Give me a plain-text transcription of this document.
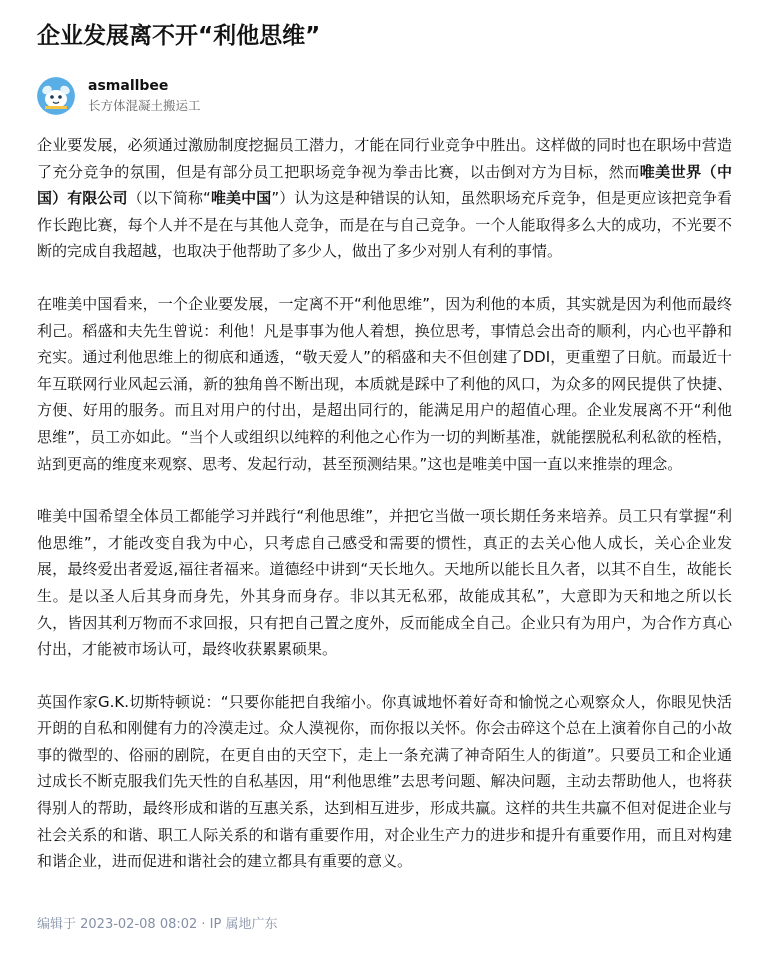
企业发展离不开“利他思维”
asmallbee
长方体混凝土搬运工

企业要发展，必须通过激励制度挖掘员工潜力，才能在同行业竞争中胜出。这样做的同时也在职场中营造了充分竞争的氛围，但是有部分员工把职场竞争视为拳击比赛，以击倒对方为目标，然而唯美世界（中国）有限公司（以下简称“唯美中国”）认为这是种错误的认知，虽然职场充斥竞争，但是更应该把竞争看作长跑比赛，每个人并不是在与其他人竞争，而是在与自己竞争。一个人能取得多么大的成功，不光要不断的完成自我超越，也取决于他帮助了多少人，做出了多少对别人有利的事情。

在唯美中国看来，一个企业要发展，一定离不开“利他思维”，因为利他的本质，其实就是因为利他而最终利己。稻盛和夫先生曾说：利他！凡是事事为他人着想，换位思考，事情总会出奇的顺利，内心也平静和充实。通过利他思维上的彻底和通透，“敬天爱人”的稻盛和夫不但创建了DDI，更重塑了日航。而最近十年互联网行业风起云涌，新的独角兽不断出现，本质就是踩中了利他的风口，为众多的网民提供了快捷、方便、好用的服务。而且对用户的付出，是超出同行的，能满足用户的超值心理。企业发展离不开“利他思维”，员工亦如此。“当个人或组织以纯粹的利他之心作为一切的判断基准，就能摆脱私利私欲的桎梏，站到更高的维度来观察、思考、发起行动，甚至预测结果。”这也是唯美中国一直以来推崇的理念。

唯美中国希望全体员工都能学习并践行“利他思维”，并把它当做一项长期任务来培养。员工只有掌握“利他思维”，才能改变自我为中心，只考虑自己感受和需要的惯性，真正的去关心他人成长，关心企业发展，最终爱出者爱返,福往者福来。道德经中讲到“天长地久。天地所以能长且久者，以其不自生，故能长生。是以圣人后其身而身先，外其身而身存。非以其无私邪，故能成其私”，大意即为天和地之所以长久，皆因其利万物而不求回报，只有把自己置之度外，反而能成全自己。企业只有为用户，为合作方真心付出，才能被市场认可，最终收获累累硕果。

英国作家G.K.切斯特顿说：“只要你能把自我缩小。你真诚地怀着好奇和愉悦之心观察众人，你眼见快活开朗的自私和刚健有力的冷漠走过。众人漠视你，而你报以关怀。你会击碎这个总在上演着你自己的小故事的微型的、俗丽的剧院，在更自由的天空下，走上一条充满了神奇陌生人的街道”。只要员工和企业通过成长不断克服我们先天性的自私基因，用“利他思维”去思考问题、解决问题，主动去帮助他人，也将获得别人的帮助，最终形成和谐的互惠关系，达到相互进步，形成共赢。这样的共生共赢不但对促进企业与社会关系的和谐、职工人际关系的和谐有重要作用，对企业生产力的进步和提升有重要作用，而且对构建和谐企业，进而促进和谐社会的建立都具有重要的意义。

编辑于 2023-02-08 08:02 · IP 属地广东
